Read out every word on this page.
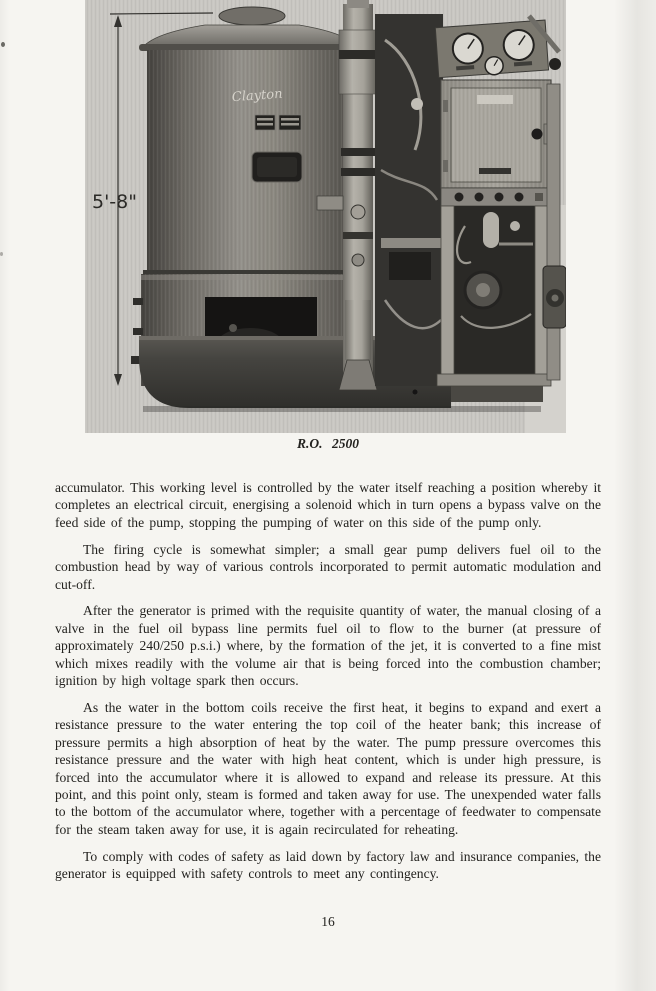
5'-8"
Clayton
R.O. 2500

accumulator. This working level is controlled by the water itself reaching a position whereby it completes an electrical circuit, energising a solenoid which in turn opens a bypass valve on the feed side of the pump, stopping the pumping of water on this side of the pump only.

The firing cycle is somewhat simpler; a small gear pump delivers fuel oil to the combustion head by way of various controls incorporated to permit automatic modulation and cut-off.

After the generator is primed with the requisite quantity of water, the manual closing of a valve in the fuel oil bypass line permits fuel oil to flow to the burner (at pressure of approximately 240/250 p.s.i.) where, by the formation of the jet, it is converted to a fine mist which mixes readily with the volume air that is being forced into the combustion chamber; ignition by high voltage spark then occurs.

As the water in the bottom coils receive the first heat, it begins to expand and exert a resistance pressure to the water entering the top coil of the heater bank; this increase of pressure permits a high absorption of heat by the water. The pump pressure overcomes this resistance pressure and the water with high heat content, which is under high pressure, is forced into the accumulator where it is allowed to expand and release its pressure. At this point, and this point only, steam is formed and taken away for use. The unexpended water falls to the bottom of the accumulator where, together with a percentage of feedwater to compensate for the steam taken away for use, it is again recirculated for reheating.

To comply with codes of safety as laid down by factory law and insurance companies, the generator is equipped with safety controls to meet any contingency.

16
